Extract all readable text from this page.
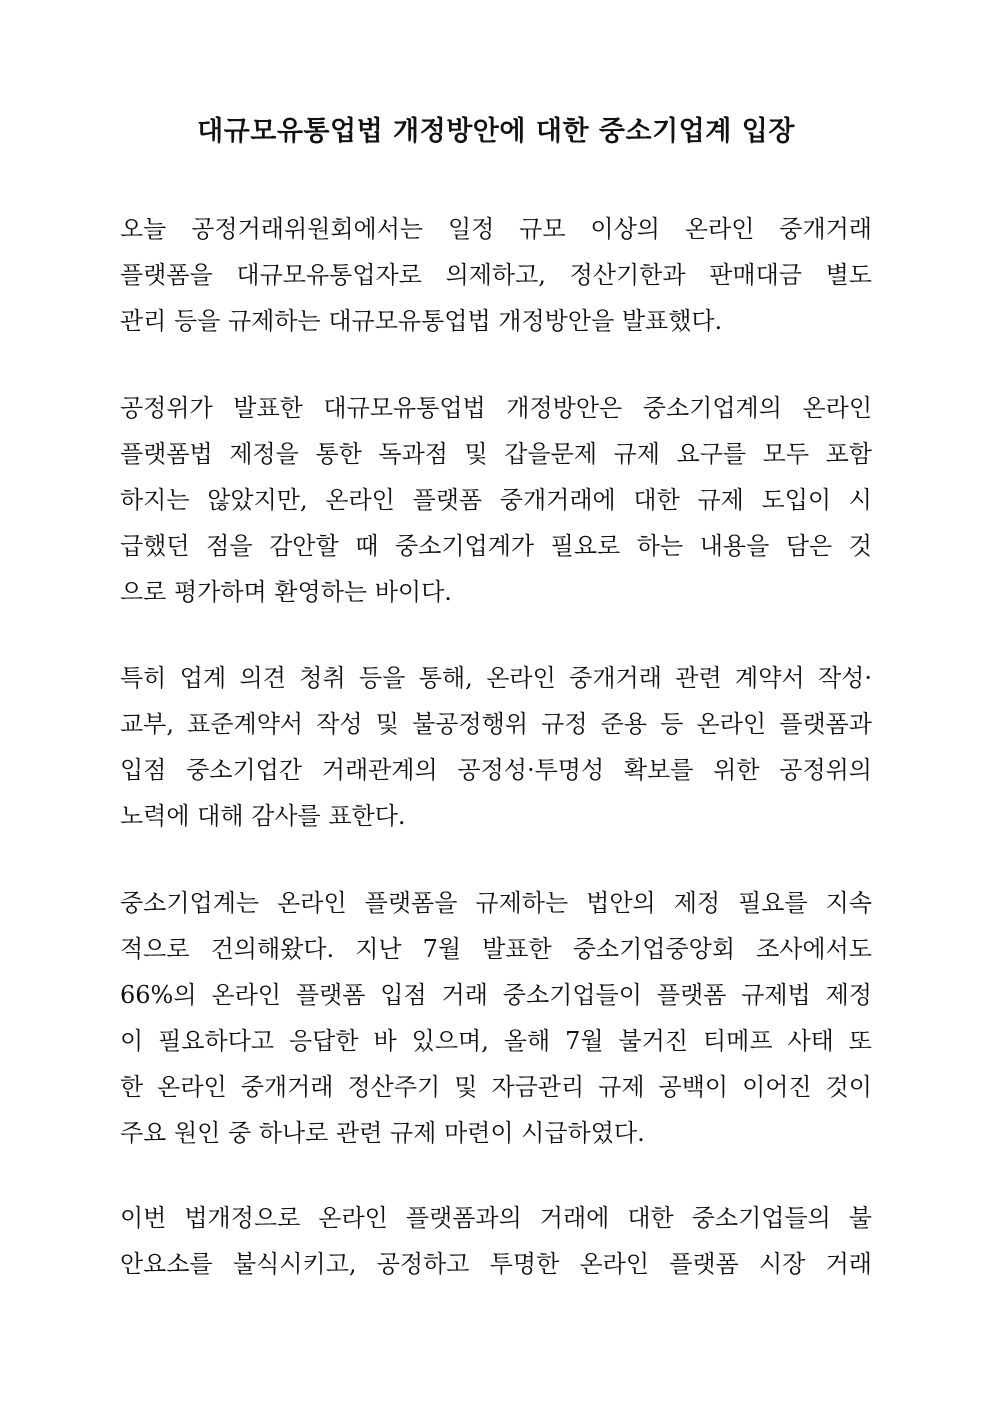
대규모유통업법 개정방안에 대한 중소기업계 입장
오늘 공정거래위원회에서는 일정 규모 이상의 온라인 중개거래
플랫폼을 대규모유통업자로 의제하고, 정산기한과 판매대금 별도
관리 등을 규제하는 대규모유통업법 개정방안을 발표했다.
공정위가 발표한 대규모유통업법 개정방안은 중소기업계의 온라인
플랫폼법 제정을 통한 독과점 및 갑을문제 규제 요구를 모두 포함
하지는 않았지만, 온라인 플랫폼 중개거래에 대한 규제 도입이 시
급했던 점을 감안할 때 중소기업계가 필요로 하는 내용을 담은 것
으로 평가하며 환영하는 바이다.
특히 업계 의견 청취 등을 통해, 온라인 중개거래 관련 계약서 작성·
교부, 표준계약서 작성 및 불공정행위 규정 준용 등 온라인 플랫폼과
입점 중소기업간 거래관계의 공정성·투명성 확보를 위한 공정위의
노력에 대해 감사를 표한다.
중소기업계는 온라인 플랫폼을 규제하는 법안의 제정 필요를 지속
적으로 건의해왔다. 지난 7월 발표한 중소기업중앙회 조사에서도
66%의 온라인 플랫폼 입점 거래 중소기업들이 플랫폼 규제법 제정
이 필요하다고 응답한 바 있으며, 올해 7월 불거진 티메프 사태 또
한 온라인 중개거래 정산주기 및 자금관리 규제 공백이 이어진 것이
주요 원인 중 하나로 관련 규제 마련이 시급하였다.
이번 법개정으로 온라인 플랫폼과의 거래에 대한 중소기업들의 불
안요소를 불식시키고, 공정하고 투명한 온라인 플랫폼 시장 거래
